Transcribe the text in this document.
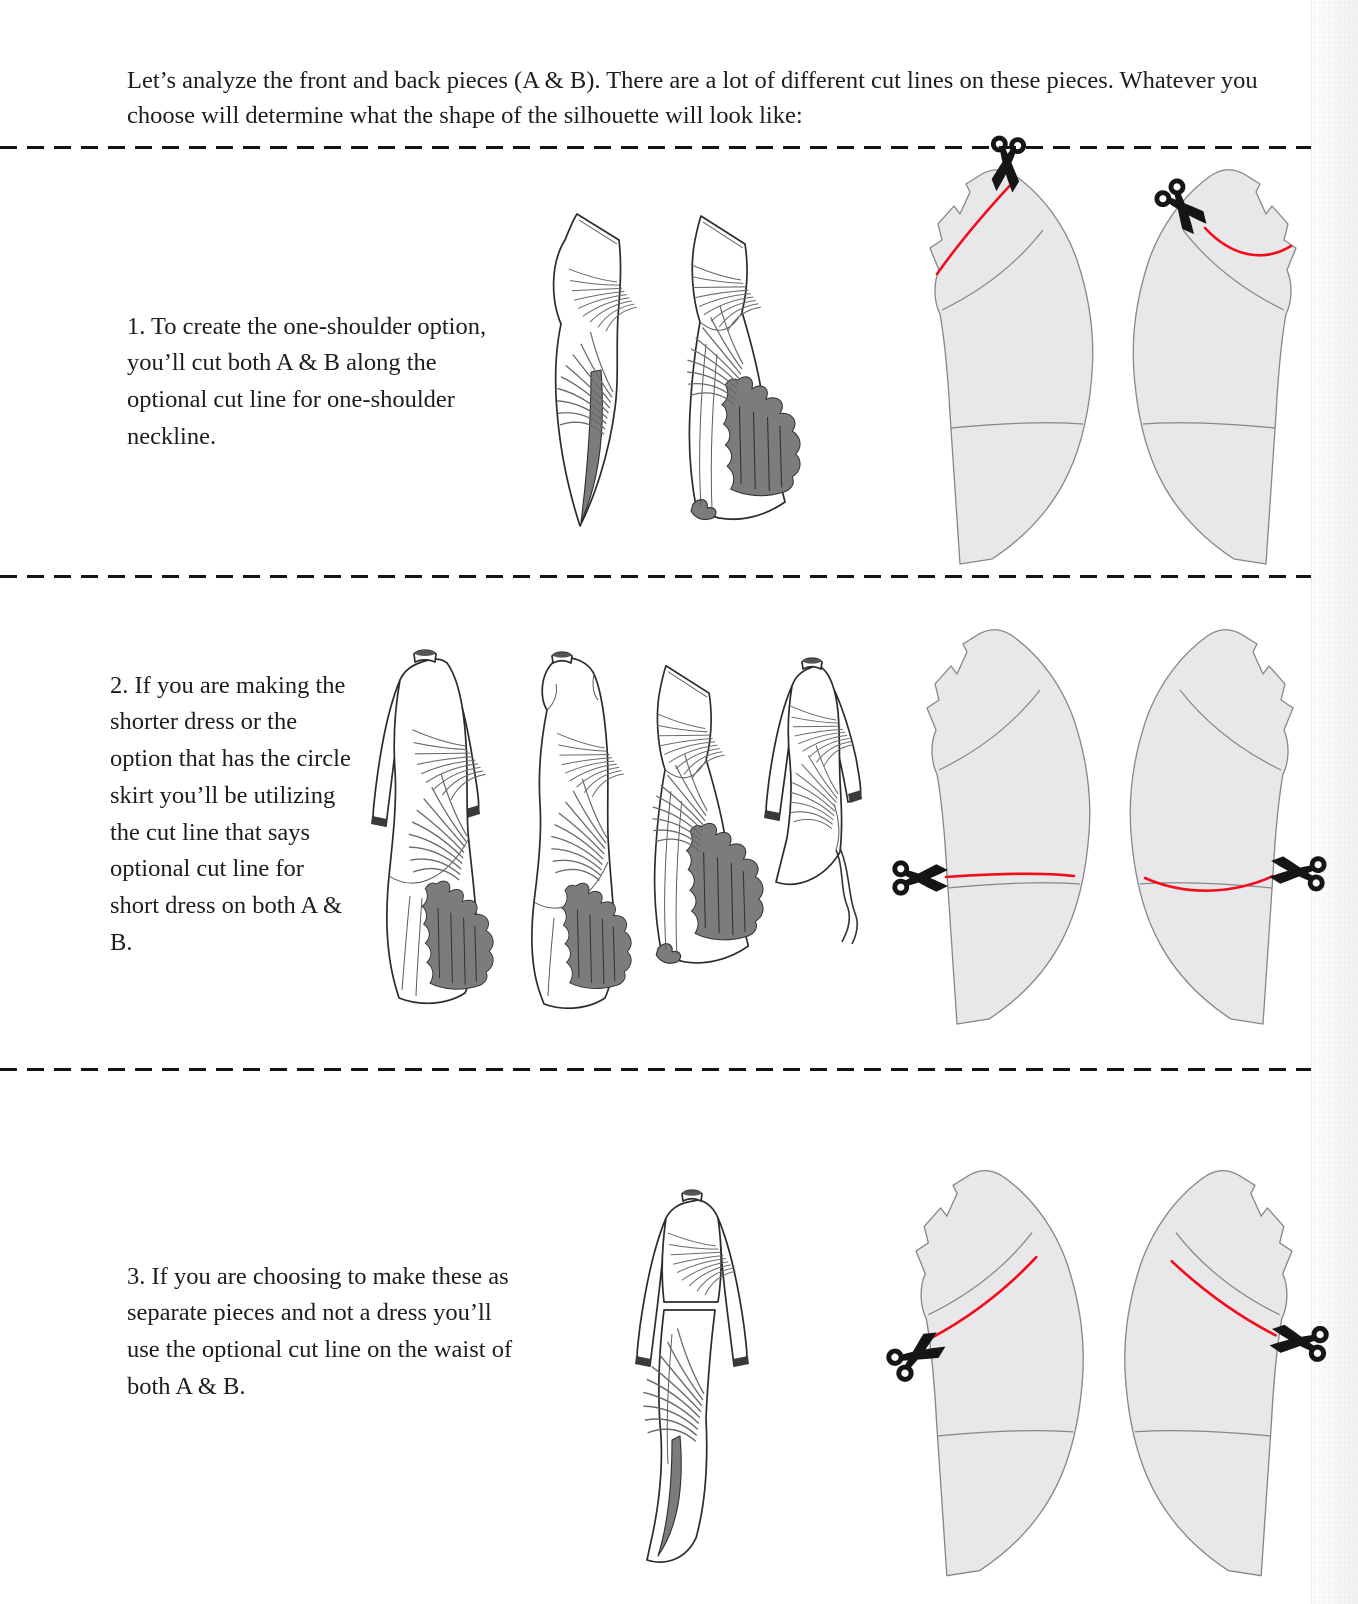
Let’s analyze the front and back pieces (A & B). There are a lot of different cut lines on these pieces. Whatever you choose will determine what the shape of the silhouette will look like:

1. To create the one-shoulder option, you’ll cut both A & B along the optional cut line for one-shoulder neckline.

2. If you are making the shorter dress or the option that has the circle skirt you’ll be utilizing the cut line that says optional cut line for short dress on both A & B.

3. If you are choosing to make these as separate pieces and not a dress you’ll use the optional cut line on the waist of both A & B.
